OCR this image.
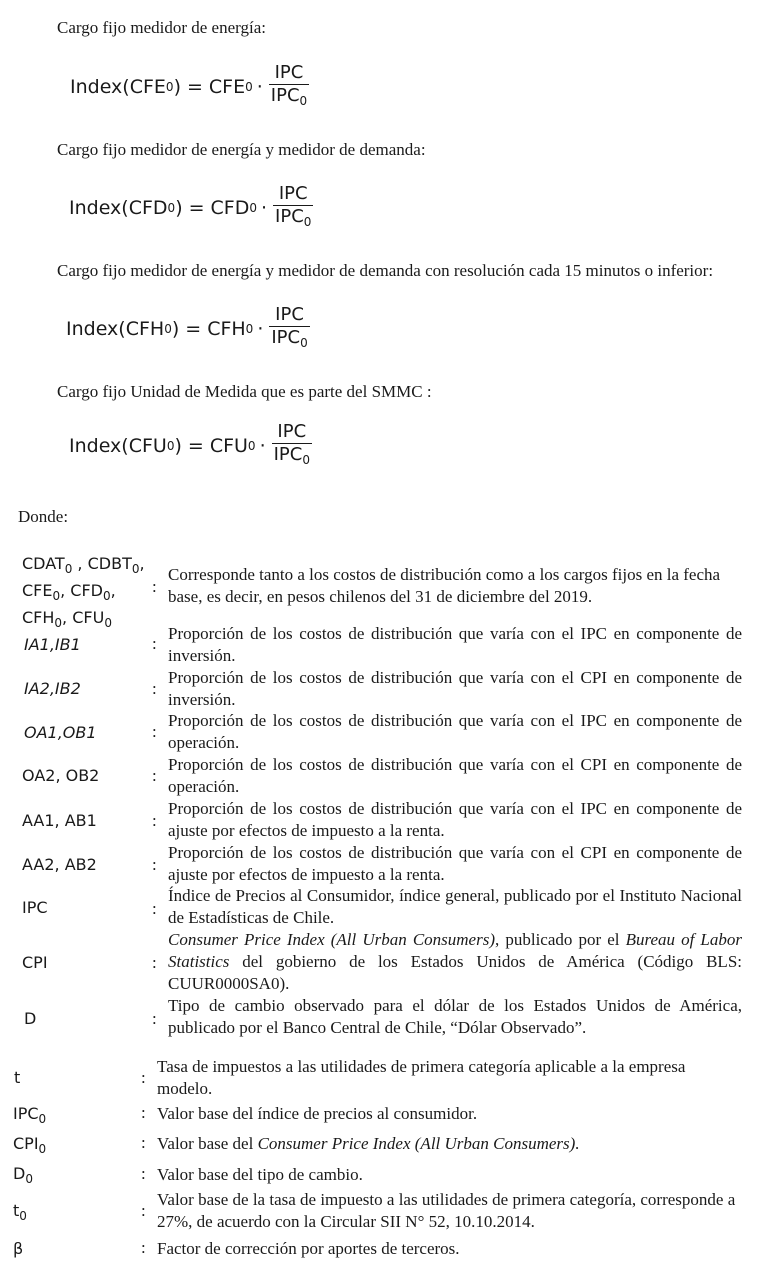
Cargo fijo medidor de energía:
Index(CFE 0 ) = CFE $0 \cdot \frac{\text{IPC}}{IPC_0}$
Cargo fijo medidor de energía y medidor de demanda:
Index(CFD 0 ) = CFD $0 \cdot \frac{\text{IPC}}{IPC_0}$
Cargo fijo medidor de energía y medidor de demanda con resolución cada 15 minutos o inferior:
Index(CFH 0 ) = CFH $0 \cdot \frac{\text{IPC}}{IPC_0}$
Cargo fijo Unidad de Medida que es parte del SMMC :
Index(CFU 0 ) = CFU $0 \cdot \frac{\text{IPC}}{IPC_0}$
Donde:
$CDAT_0$ , $CDBT_0$,
$CFE_0$, $CFD_0$,
$CFH_0$, $CFU_0$
:
Corresponde tanto a los costos de distribución como a los cargos fijos en la fecha base, es decir, en pesos chilenos del 31 de diciembre del 2019.
IA1,IB1	:
Proporción de los costos de distribución que varía con el IPC en componente de inversión.
IA2,IB2	:
Proporción de los costos de distribución que varía con el CPI en componente de inversión.
OA1,OB1	:
Proporción de los costos de distribución que varía con el IPC en componente de operación.
OA2, OB2	:
Proporción de los costos de distribución que varía con el CPI en componente de operación.
AA1, AB1	:
Proporción de los costos de distribución que varía con el IPC en componente de ajuste por efectos de impuesto a la renta.
AA2, AB2	:
Proporción de los costos de distribución que varía con el CPI en componente de ajuste por efectos de impuesto a la renta.
IPC	:
Índice de Precios al Consumidor, índice general, publicado por el Instituto Nacional de Estadísticas de Chile.
CPI	:
Consumer Price Index (All Urban Consumers), publicado por el Bureau of Labor Statistics del gobierno de los Estados Unidos de América (Código BLS: CUUR0000SA0).
D	:
Tipo de cambio observado para el dólar de los Estados Unidos de América, publicado por el Banco Central de Chile, “Dólar Observado”.
t	:
Tasa de impuestos a las utilidades de primera categoría aplicable a la empresa modelo.
$IPC_0$	: Valor base del índice de precios al consumidor.
$CPI_0$	: Valor base del Consumer Price Index (All Urban Consumers).
$D_0$	: Valor base del tipo de cambio.
$t_0$	:
Valor base de la tasa de impuesto a las utilidades de primera categoría, corresponde a 27%, de acuerdo con la Circular SII N° 52, 10.10.2014.
β	: Factor de corrección por aportes de terceros.
